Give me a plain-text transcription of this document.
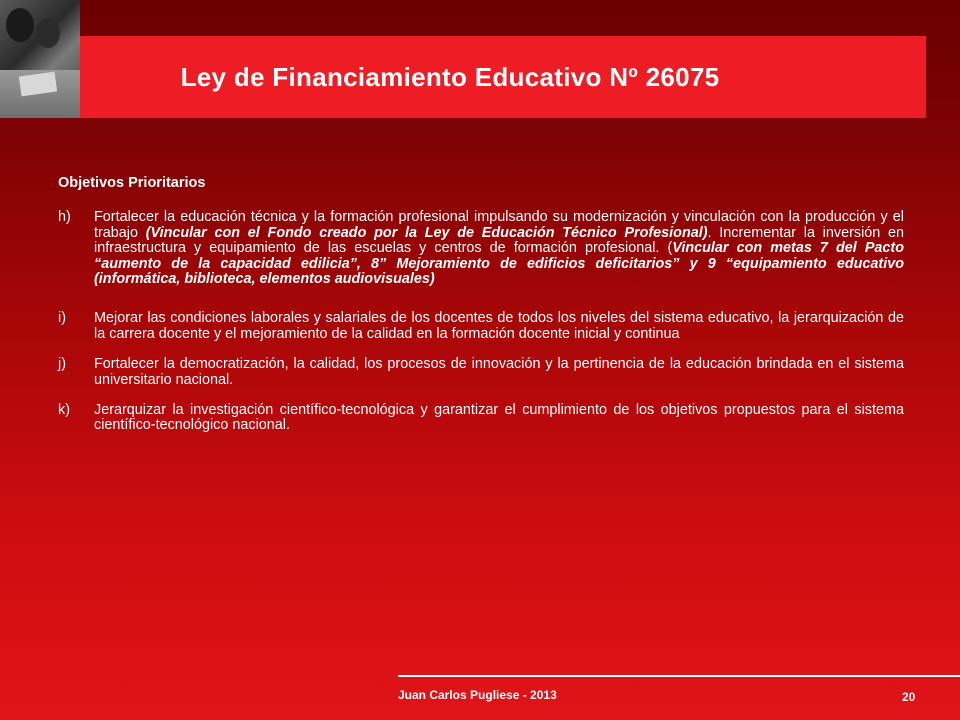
Ley de Financiamiento Educativo Nº 26075
Objetivos Prioritarios
h)	Fortalecer la educación técnica y la formación profesional impulsando su modernización y vinculación con la producción y el trabajo (Vincular con el Fondo creado por la Ley de Educación Técnico Profesional). Incrementar la inversión en infraestructura y equipamiento de las escuelas y centros de formación profesional. (Vincular con metas 7 del Pacto “aumento de la capacidad edilicia”, 8” Mejoramiento de edificios deficitarios” y 9 “equipamiento educativo (informática, biblioteca, elementos audiovisuales)
i)	Mejorar las condiciones laborales y salariales de los docentes de todos los niveles del sistema educativo, la jerarquización de la carrera docente y el mejoramiento de la calidad en la formación docente inicial y continua
j)	Fortalecer la democratización, la calidad, los procesos de innovación y la pertinencia de la educación brindada en el sistema universitario nacional.
k)	Jerarquizar la investigación científico-tecnológica y garantizar el cumplimiento de los objetivos propuestos para el sistema científico-tecnológico nacional.
Juan Carlos Pugliese - 2013	20
